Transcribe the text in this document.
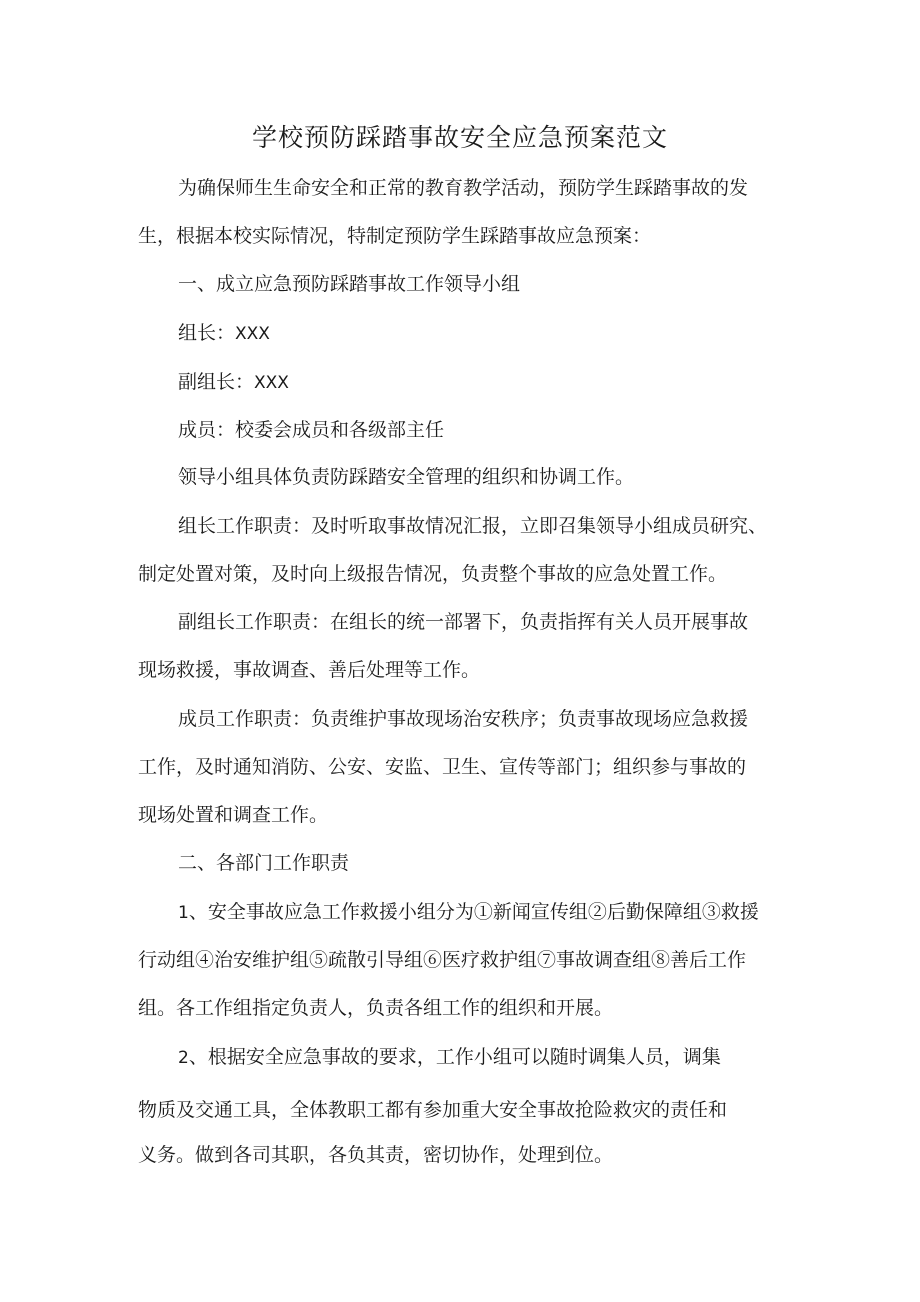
学校预防踩踏事故安全应急预案范文
为确保师生生命安全和正常的教育教学活动，预防学生踩踏事故的发
生，根据本校实际情况，特制定预防学生踩踏事故应急预案：
一、成立应急预防踩踏事故工作领导小组
组长：XXX
副组长：XXX
成员：校委会成员和各级部主任
领导小组具体负责防踩踏安全管理的组织和协调工作。
组长工作职责：及时听取事故情况汇报，立即召集领导小组成员研究、
制定处置对策，及时向上级报告情况，负责整个事故的应急处置工作。
副组长工作职责：在组长的统一部署下，负责指挥有关人员开展事故
现场救援，事故调查、善后处理等工作。
成员工作职责：负责维护事故现场治安秩序；负责事故现场应急救援
工作，及时通知消防、公安、安监、卫生、宣传等部门；组织参与事故的
现场处置和调查工作。
二、各部门工作职责
1、安全事故应急工作救援小组分为①新闻宣传组②后勤保障组③救援
行动组④治安维护组⑤疏散引导组⑥医疗救护组⑦事故调查组⑧善后工作
组。各工作组指定负责人，负责各组工作的组织和开展。
2、根据安全应急事故的要求，工作小组可以随时调集人员，调集
物质及交通工具，全体教职工都有参加重大安全事故抢险救灾的责任和
义务。做到各司其职，各负其责，密切协作，处理到位。
